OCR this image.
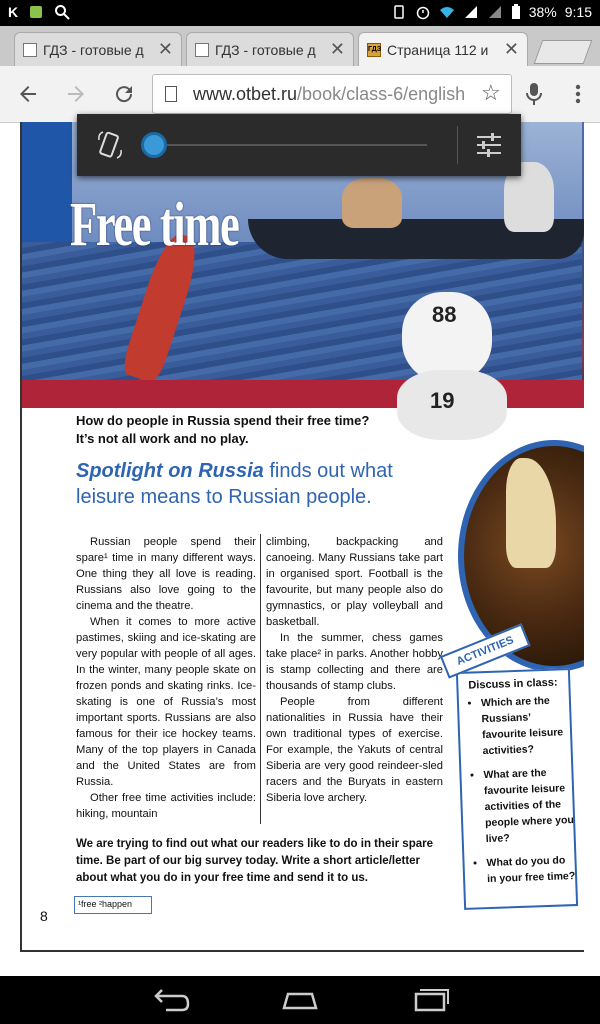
K	38% 9:15
ГДЗ - готовые д ✕	ГДЗ - готовые д ✕	ГДЗ Страница 112 и ✕
www.otbet.ru/book/class-6/english ☆
Free time
88
19
How do people in Russia spend their free time?
It’s not all work and no play.
Spotlight on Russia finds out what leisure means to Russian people.

Russian people spend their spare¹ time in many different ways. One thing they all love is reading. Russians also love going to the cinema and the theatre.

When it comes to more active pastimes, skiing and ice-skating are very popular with people of all ages. In the winter, many people skate on frozen ponds and skating rinks. Ice-skating is one of Russia’s most important sports. Russians are also famous for their ice hockey teams. Many of the top players in Canada and the United States are from Russia.

Other free time activities include: hiking, mountain

climbing, backpacking and canoeing. Many Russians take part in organised sport. Football is the favourite, but many people also do gymnastics, or play volleyball and basketball.

In the summer, chess games take place² in parks. Another hobby is stamp collecting and there are thousands of stamp clubs.

People from different nationalities in Russia have their own traditional types of exercise. For example, the Yakuts of central Siberia are very good reindeer-sled racers and the Buryats in eastern Siberia love archery.

We are trying to find out what our readers like to do in their spare time. Be part of our big survey today. Write a short article/letter about what you do in your free time and send it to us.
¹free ²happen
8
ACTIVITIES
Discuss in class:
• Which are the Russians’ favourite leisure activities?
• What are the favourite leisure activities of the people where you live?
• What do you do in your free time?
